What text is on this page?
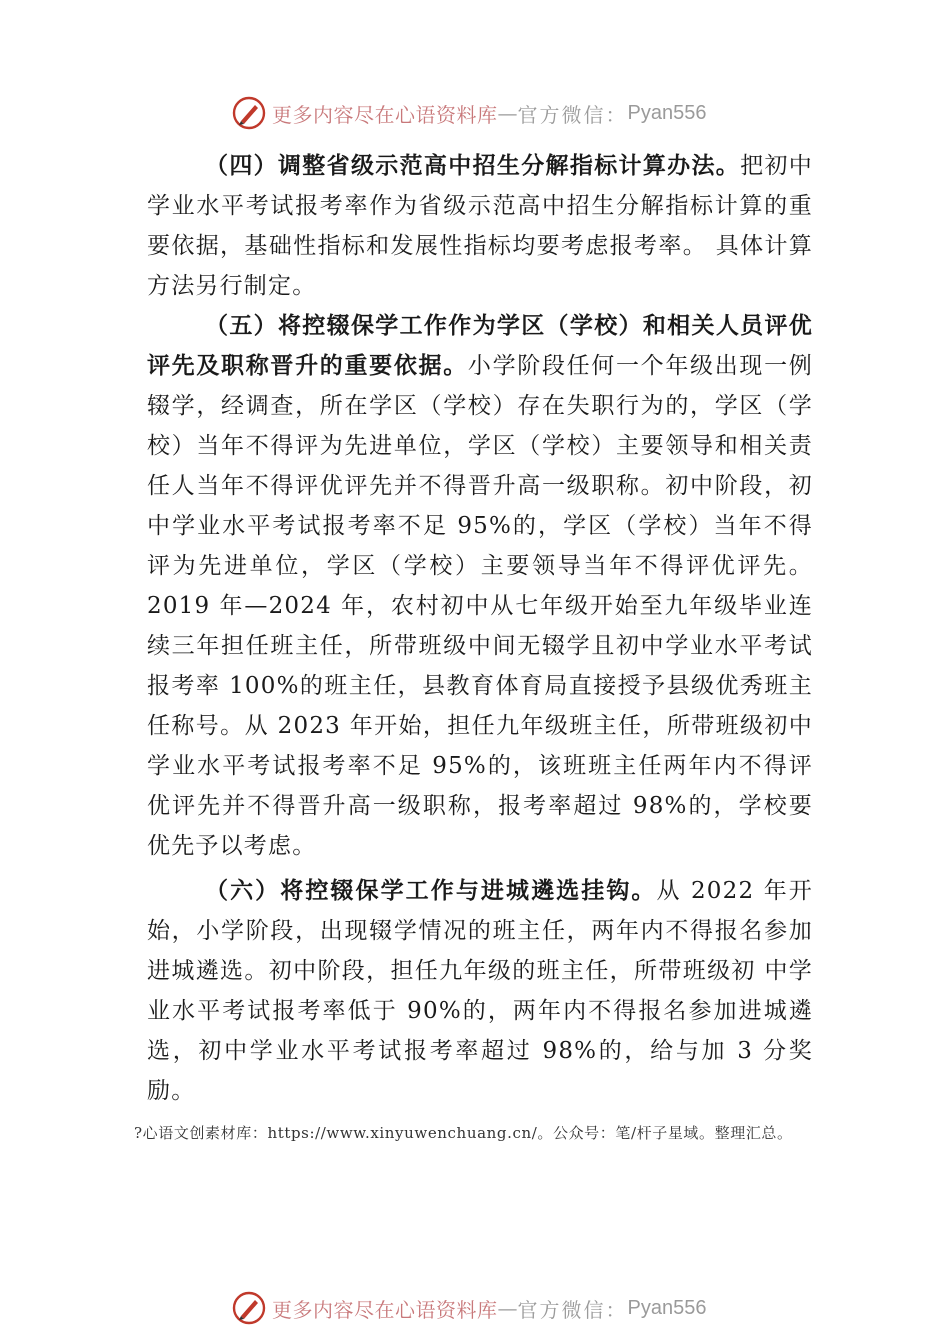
更多内容尽在心语资料库 — 官方微信： Pyan556

（四）调整省级示范高中招生分解指标计算办法。把初中学业水平考试报考率作为省级示范高中招生分解指标计算的重要依据，基础性指标和发展性指标均要考虑报考率。 具体计算方法另行制定。

（五）将控辍保学工作作为学区（学校）和相关人员评优评先及职称晋升的重要依据。小学阶段任何一个年级出现一例辍学，经调查，所在学区（学校）存在失职行为的，学区（学校）当年不得评为先进单位，学区（学校）主要领导和相关责任人当年不得评优评先并不得晋升高一级职称。初中阶段，初中学业水平考试报考率不足 95%的，学区（学校）当年不得评为先进单位，学区（学校）主要领导当年不得评优评先。2019 年—2024 年，农村初中从七年级开始至九年级毕业连续三年担任班主任，所带班级中间无辍学且初中学业水平考试报考率 100%的班主任，县教育体育局直接授予县级优秀班主任称号。从 2023 年开始，担任九年级班主任，所带班级初中学业水平考试报考率不足 95%的，该班班主任两年内不得评优评先并不得晋升高一级职称，报考率超过 98%的，学校要优先予以考虑。

（六）将控辍保学工作与进城遴选挂钩。从 2022 年开始，小学阶段，出现辍学情况的班主任，两年内不得报名参加进城遴选。初中阶段，担任九年级的班主任，所带班级初 中学业水平考试报考率低于 90%的，两年内不得报名参加进城遴选，初中学业水平考试报考率超过 98%的，给与加 3 分奖励。

?心语文创素材库：https://www.xinyuwenchuang.cn/。公众号：笔/杆子星域。整理汇总。
更多内容尽在心语资料库 — 官方微信： Pyan556
